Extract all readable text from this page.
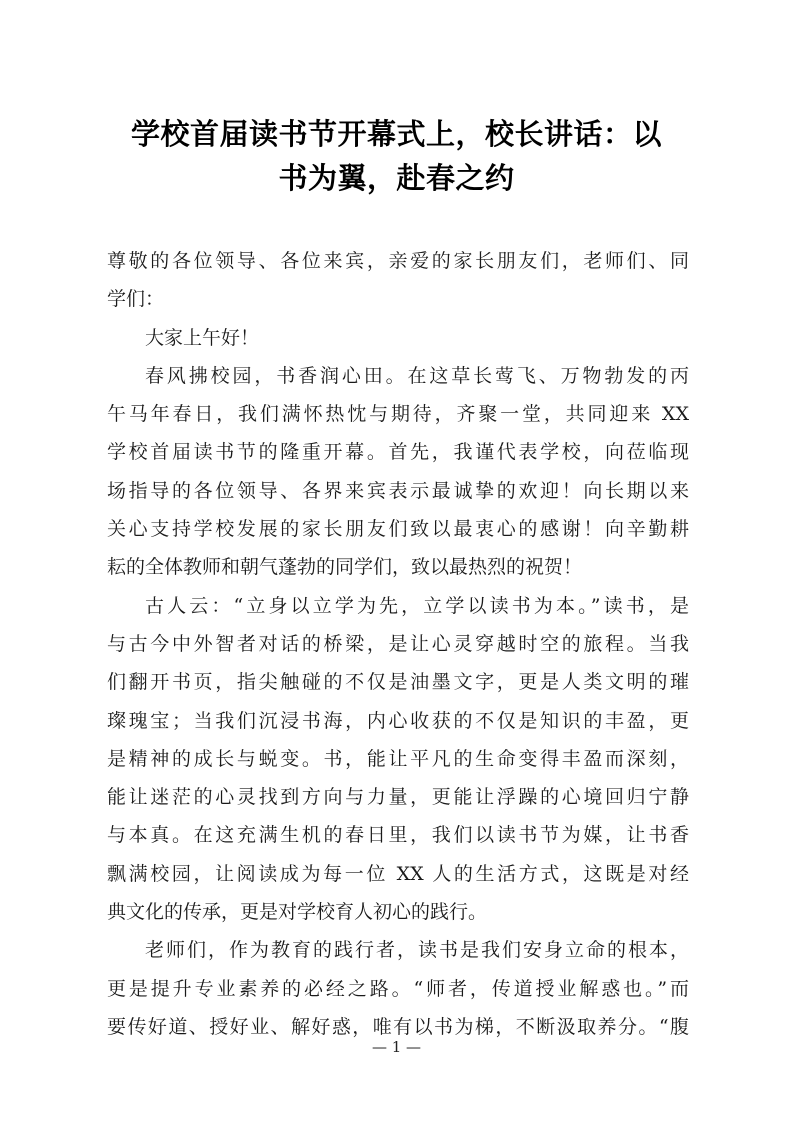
学校首届读书节开幕式上，校长讲话：以
书为翼，赴春之约
尊敬的各位领导、各位来宾，亲爱的家长朋友们，老师们、同
学们：
大家上午好！
春风拂校园，书香润心田。在这草长莺飞、万物勃发的丙
午马年春日，我们满怀热忱与期待，齐聚一堂，共同迎来 XX
学校首届读书节的隆重开幕。首先，我谨代表学校，向莅临现
场指导的各位领导、各界来宾表示最诚挚的欢迎！向长期以来
关心支持学校发展的家长朋友们致以最衷心的感谢！向辛勤耕
耘的全体教师和朝气蓬勃的同学们，致以最热烈的祝贺！
古人云：“立身以立学为先，立学以读书为本。”读书，是
与古今中外智者对话的桥梁，是让心灵穿越时空的旅程。当我
们翻开书页，指尖触碰的不仅是油墨文字，更是人类文明的璀
璨瑰宝；当我们沉浸书海，内心收获的不仅是知识的丰盈，更
是精神的成长与蜕变。书，能让平凡的生命变得丰盈而深刻，
能让迷茫的心灵找到方向与力量，更能让浮躁的心境回归宁静
与本真。在这充满生机的春日里，我们以读书节为媒，让书香
飘满校园，让阅读成为每一位 XX 人的生活方式，这既是对经
典文化的传承，更是对学校育人初心的践行。
老师们，作为教育的践行者，读书是我们安身立命的根本，
更是提升专业素养的必经之路。“师者，传道授业解惑也。”而
要传好道、授好业、解好惑，唯有以书为梯，不断汲取养分。“腹
— 1 —
